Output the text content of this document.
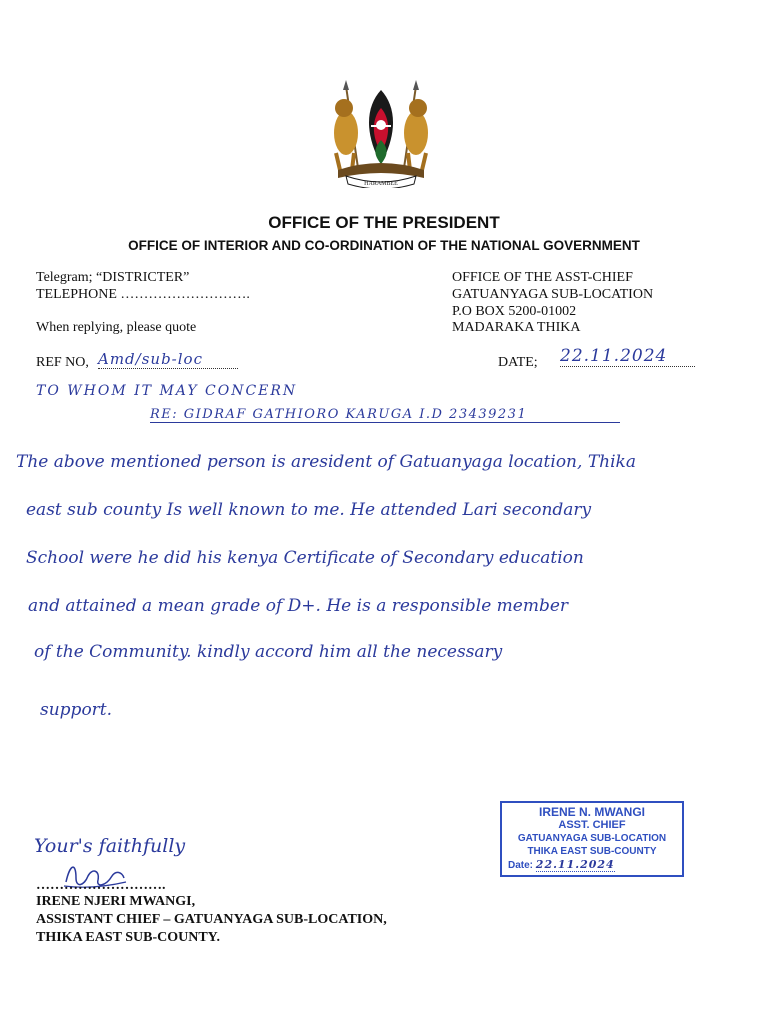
HARAMBEE
OFFICE OF THE PRESIDENT
OFFICE OF INTERIOR AND CO-ORDINATION OF THE NATIONAL GOVERNMENT
Telegram; “DISTRICTER”
TELEPHONE ……………………….
When replying, please quote
REF NO, Amd/sub-loc
OFFICE OF THE ASST-CHIEF
GATUANYAGA SUB-LOCATION
P.O BOX 5200-01002
MADARAKA THIKA
DATE; 22.11.2024
TO WHOM IT MAY CONCERN
RE: GIDRAF GATHIORO KARUGA I.D 23439231
The above mentioned person is aresident of Gatuanyaga location, Thika
east sub county Is well known to me. He attended Lari secondary
School were he did his kenya Certificate of Secondary education
and attained a mean grade of D+. He is a responsible member
of the Community. kindly accord him all the necessary
support.
IRENE N. MWANGI
ASST. CHIEF
GATUANYAGA SUB-LOCATION
THIKA EAST SUB-COUNTY
Date: 22.11.2024
Your's faithfully
……………………….
IRENE NJERI MWANGI,
ASSISTANT CHIEF – GATUANYAGA SUB-LOCATION,
THIKA EAST SUB-COUNTY.
